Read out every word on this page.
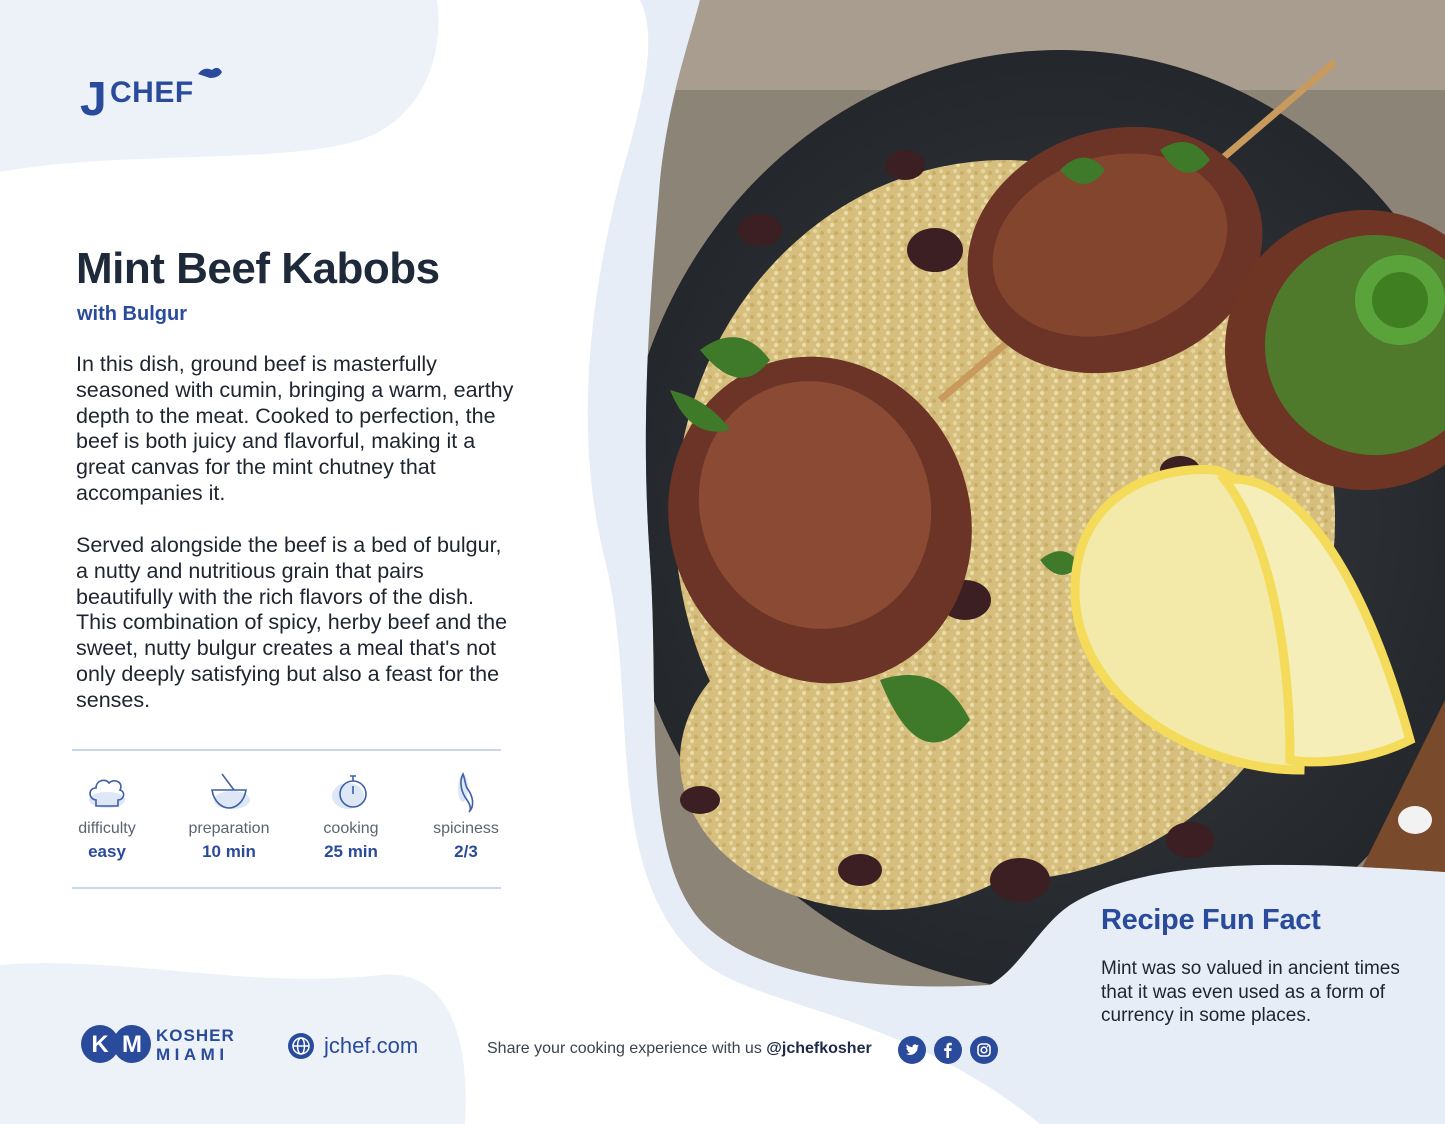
J CHEF
Mint Beef Kabobs
with Bulgur

In this dish, ground beef is masterfully seasoned with cumin, bringing a warm, earthy depth to the meat. Cooked to perfection, the beef is both juicy and flavorful, making it a great canvas for the mint chutney that accompanies it.

Served alongside the beef is a bed of bulgur, a nutty and nutritious grain that pairs beautifully with the rich flavors of the dish. This combination of spicy, herby beef and the sweet, nutty bulgur creates a meal that's not only deeply satisfying but also a feast for the senses.

difficulty
easy
preparation
10 min
cooking
25 min
spiciness
2/3
Recipe Fun Fact

Mint was so valued in ancient times that it was even used as a form of currency in some places.

K M KOSHER
MIAMI	jchef.com	Share your cooking experience with us @jchefkosher
